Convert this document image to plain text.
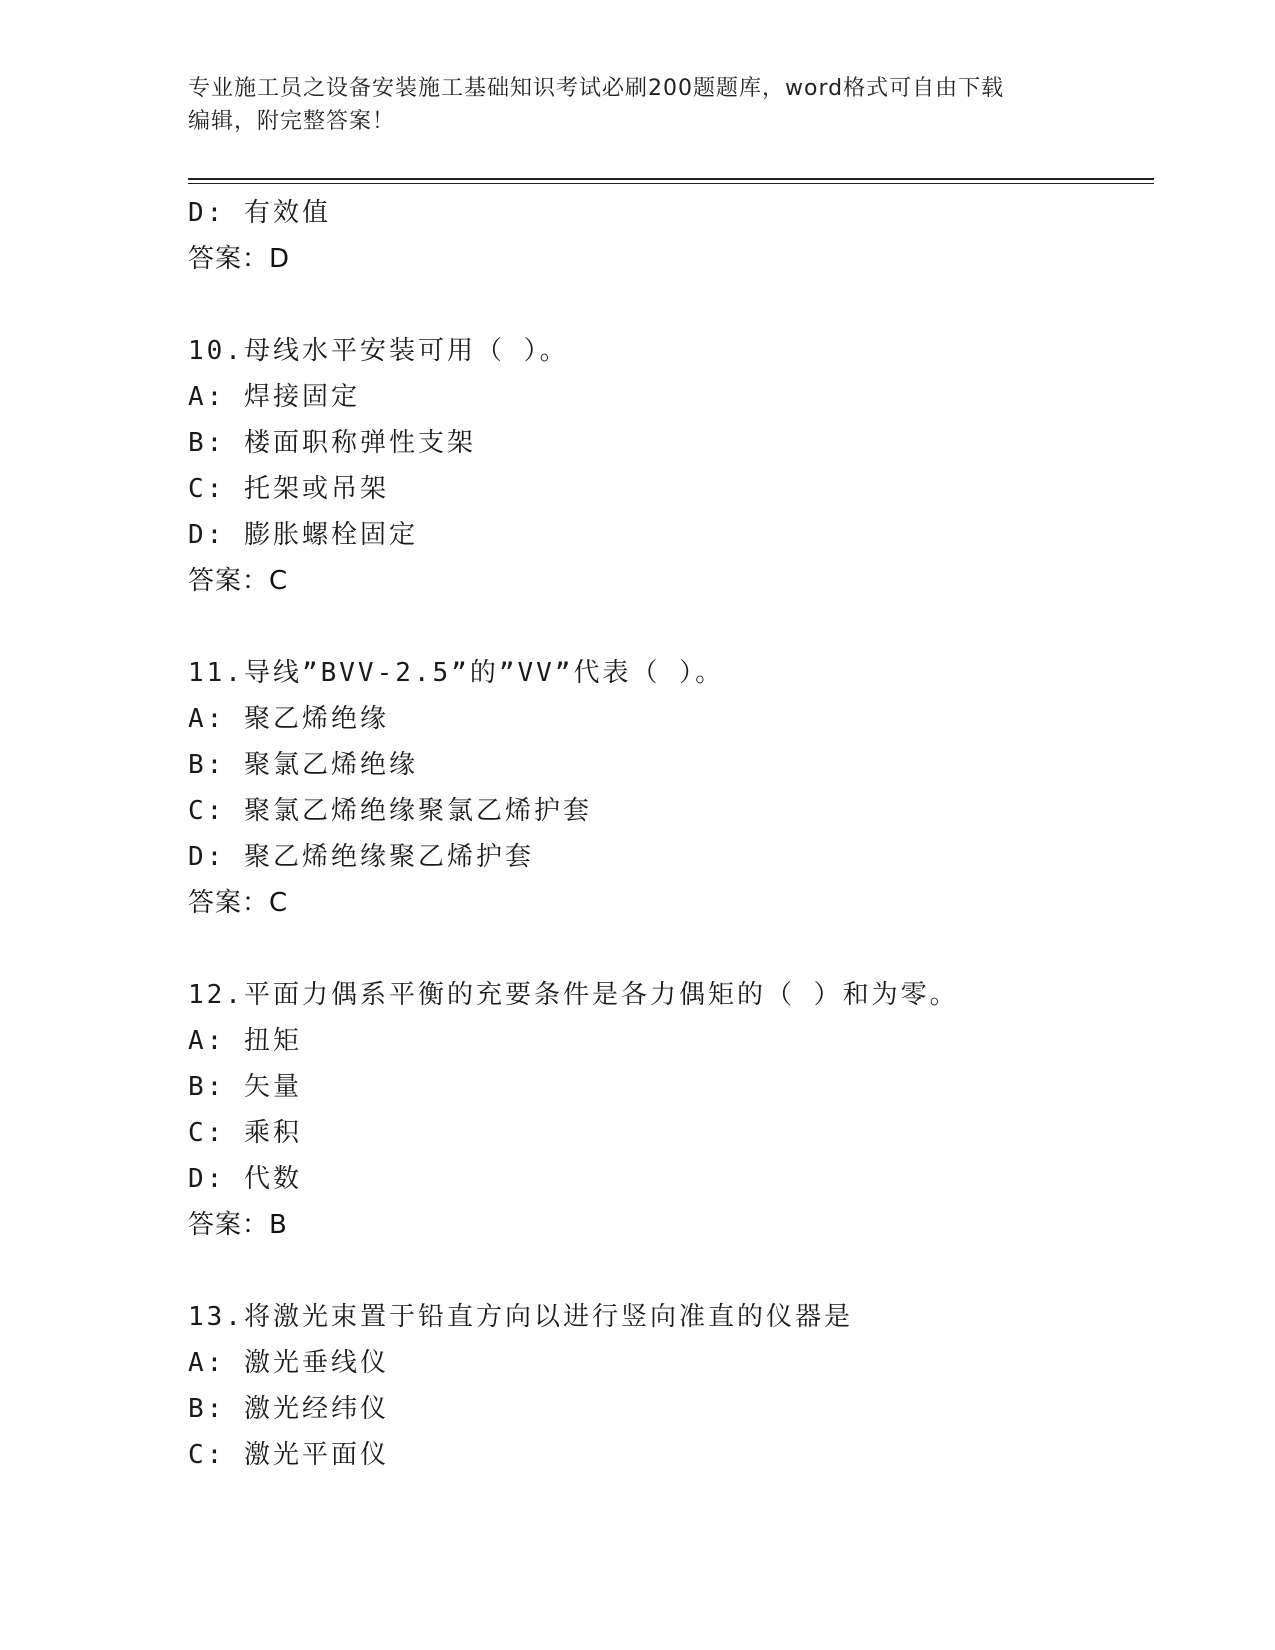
专业施工员之设备安装施工基础知识考试必刷200题题库，word格式可自由下载
编辑，附完整答案！
D: 有效值
答案：D
10.母线水平安装可用（ ）。
A: 焊接固定
B: 楼面职称弹性支架
C: 托架或吊架
D: 膨胀螺栓固定
答案：C
11.导线”BVV-2.5”的”VV”代表（ ）。
A: 聚乙烯绝缘
B: 聚氯乙烯绝缘
C: 聚氯乙烯绝缘聚氯乙烯护套
D: 聚乙烯绝缘聚乙烯护套
答案：C
12.平面力偶系平衡的充要条件是各力偶矩的（ ）和为零。
A: 扭矩
B: 矢量
C: 乘积
D: 代数
答案：B
13.将激光束置于铅直方向以进行竖向准直的仪器是
A: 激光垂线仪
B: 激光经纬仪
C: 激光平面仪
